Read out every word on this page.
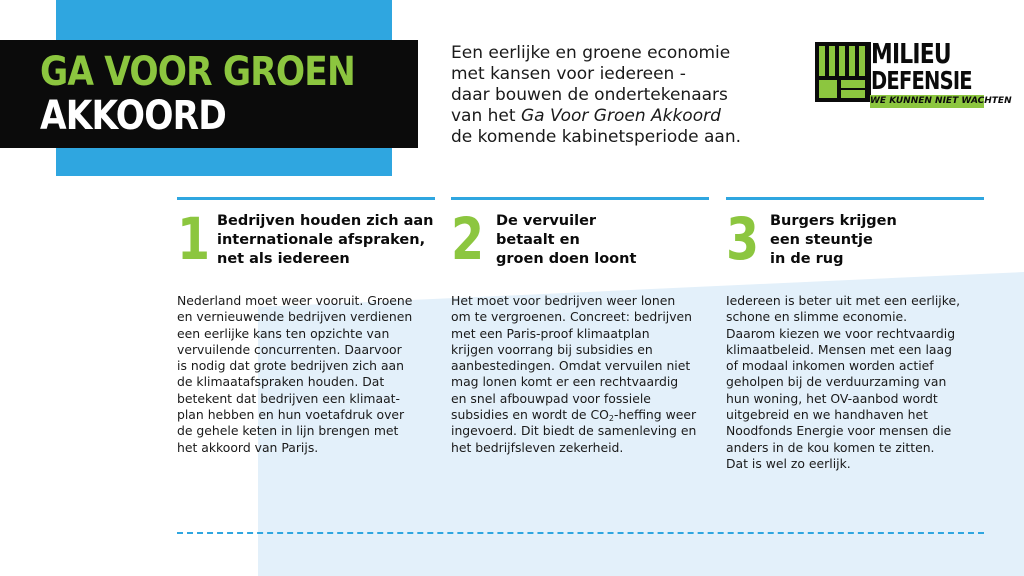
GA VOOR GROEN
AKKOORD
Een eerlijke en groene economie
met kansen voor iedereen -
daar bouwen de ondertekenaars
van het Ga Voor Groen Akkoord
de komende kabinetsperiode aan.
MILIEU
DEFENSIE
WE KUNNEN NIET WACHTEN
1 Bedrijven houden zich aan
internationale afspraken,
net als iedereen
Nederland moet weer vooruit. Groene
en vernieuwende bedrijven verdienen
een eerlijke kans ten opzichte van
vervuilende concurrenten. Daarvoor
is nodig dat grote bedrijven zich aan
de klimaatafspraken houden. Dat
betekent dat bedrijven een klimaat-
plan hebben en hun voetafdruk over
de gehele keten in lijn brengen met
het akkoord van Parijs.
2 De vervuiler
betaalt en
groen doen loont
Het moet voor bedrijven weer lonen
om te vergroenen. Concreet: bedrijven
met een Paris-proof klimaatplan
krijgen voorrang bij subsidies en
aanbestedingen. Omdat vervuilen niet
mag lonen komt er een rechtvaardig
en snel afbouwpad voor fossiele
subsidies en wordt de $CO_2$-heffing weer
ingevoerd. Dit biedt de samenleving en
het bedrijfsleven zekerheid.
3 Burgers krijgen
een steuntje
in de rug
Iedereen is beter uit met een eerlijke,
schone en slimme economie.
Daarom kiezen we voor rechtvaardig
klimaatbeleid. Mensen met een laag
of modaal inkomen worden actief
geholpen bij de verduurzaming van
hun woning, het OV-aanbod wordt
uitgebreid en we handhaven het
Noodfonds Energie voor mensen die
anders in de kou komen te zitten.
Dat is wel zo eerlijk.
